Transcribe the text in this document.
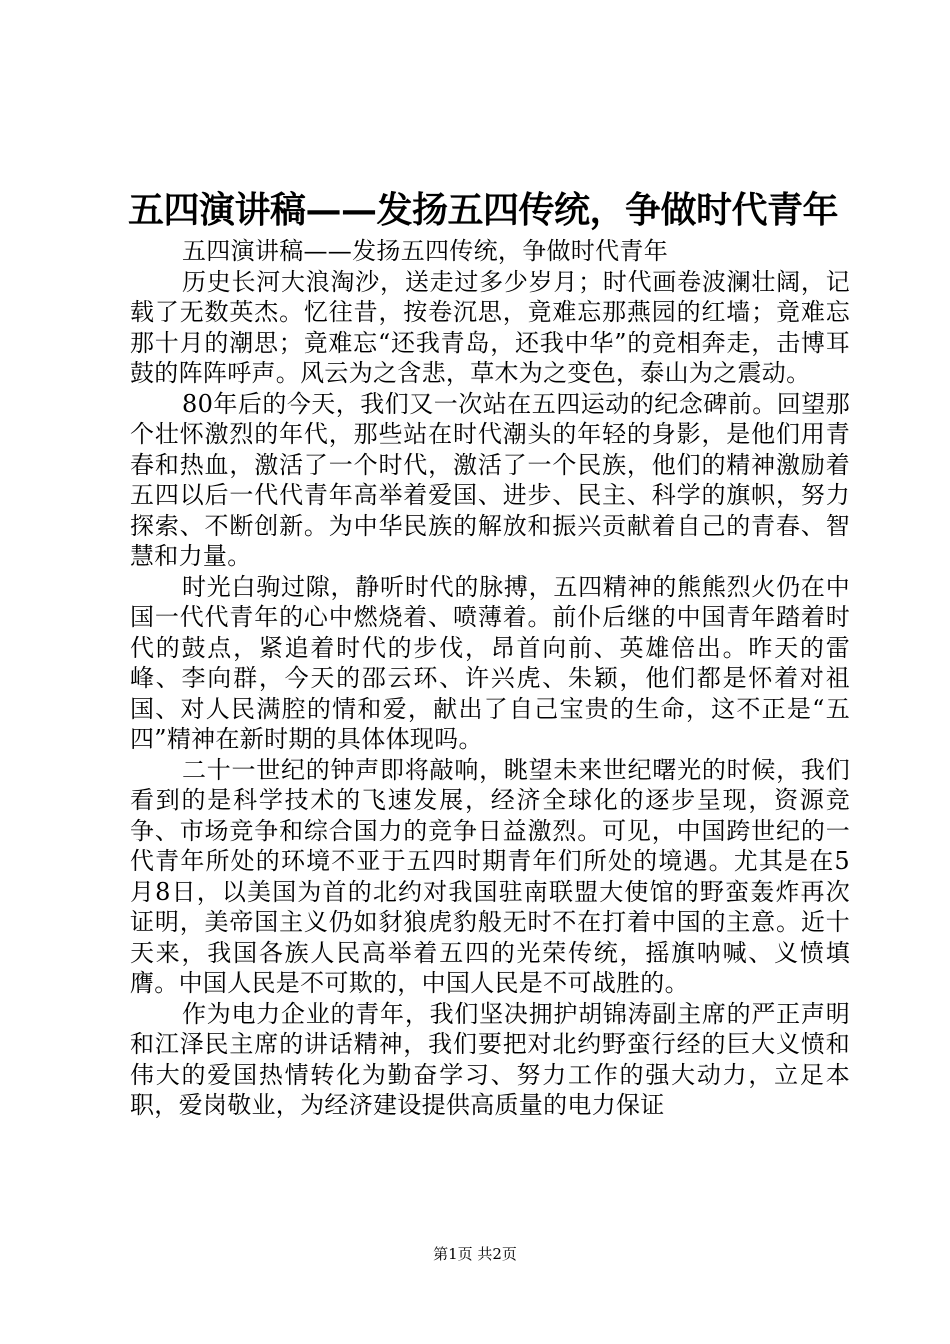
五四演讲稿——发扬五四传统，争做时代青年

五四演讲稿——发扬五四传统，争做时代青年

历史长河大浪淘沙，送走过多少岁月；时代画卷波澜壮阔，记载了无数英杰。忆往昔，按卷沉思，竟难忘那燕园的红墙；竟难忘那十月的潮思；竟难忘“还我青岛，还我中华”的竞相奔走，击博耳鼓的阵阵呼声。风云为之含悲，草木为之变色，泰山为之震动。

80年后的今天，我们又一次站在五四运动的纪念碑前。回望那个壮怀激烈的年代，那些站在时代潮头的年轻的身影，是他们用青春和热血，激活了一个时代，激活了一个民族，他们的精神激励着五四以后一代代青年高举着爱国、进步、民主、科学的旗帜，努力探索、不断创新。为中华民族的解放和振兴贡献着自己的青春、智慧和力量。

时光白驹过隙，静听时代的脉搏，五四精神的熊熊烈火仍在中国一代代青年的心中燃烧着、喷薄着。前仆后继的中国青年踏着时代的鼓点，紧追着时代的步伐，昂首向前、英雄倍出。昨天的雷峰、李向群，今天的邵云环、许兴虎、朱颖，他们都是怀着对祖国、对人民满腔的情和爱，献出了自己宝贵的生命，这不正是“五四”精神在新时期的具体体现吗。

二十一世纪的钟声即将敲响，眺望未来世纪曙光的时候，我们看到的是科学技术的飞速发展，经济全球化的逐步呈现，资源竞争、市场竞争和综合国力的竞争日益激烈。可见，中国跨世纪的一代青年所处的环境不亚于五四时期青年们所处的境遇。尤其是在5月8日，以美国为首的北约对我国驻南联盟大使馆的野蛮轰炸再次证明，美帝国主义仍如豺狼虎豹般无时不在打着中国的主意。近十天来，我国各族人民高举着五四的光荣传统，摇旗呐喊、义愤填膺。中国人民是不可欺的，中国人民是不可战胜的。

作为电力企业的青年，我们坚决拥护胡锦涛副主席的严正声明和江泽民主席的讲话精神，我们要把对北约野蛮行经的巨大义愤和伟大的爱国热情转化为勤奋学习、努力工作的强大动力，立足本职，爱岗敬业，为经济建设提供高质量的电力保证

第1页 共2页
